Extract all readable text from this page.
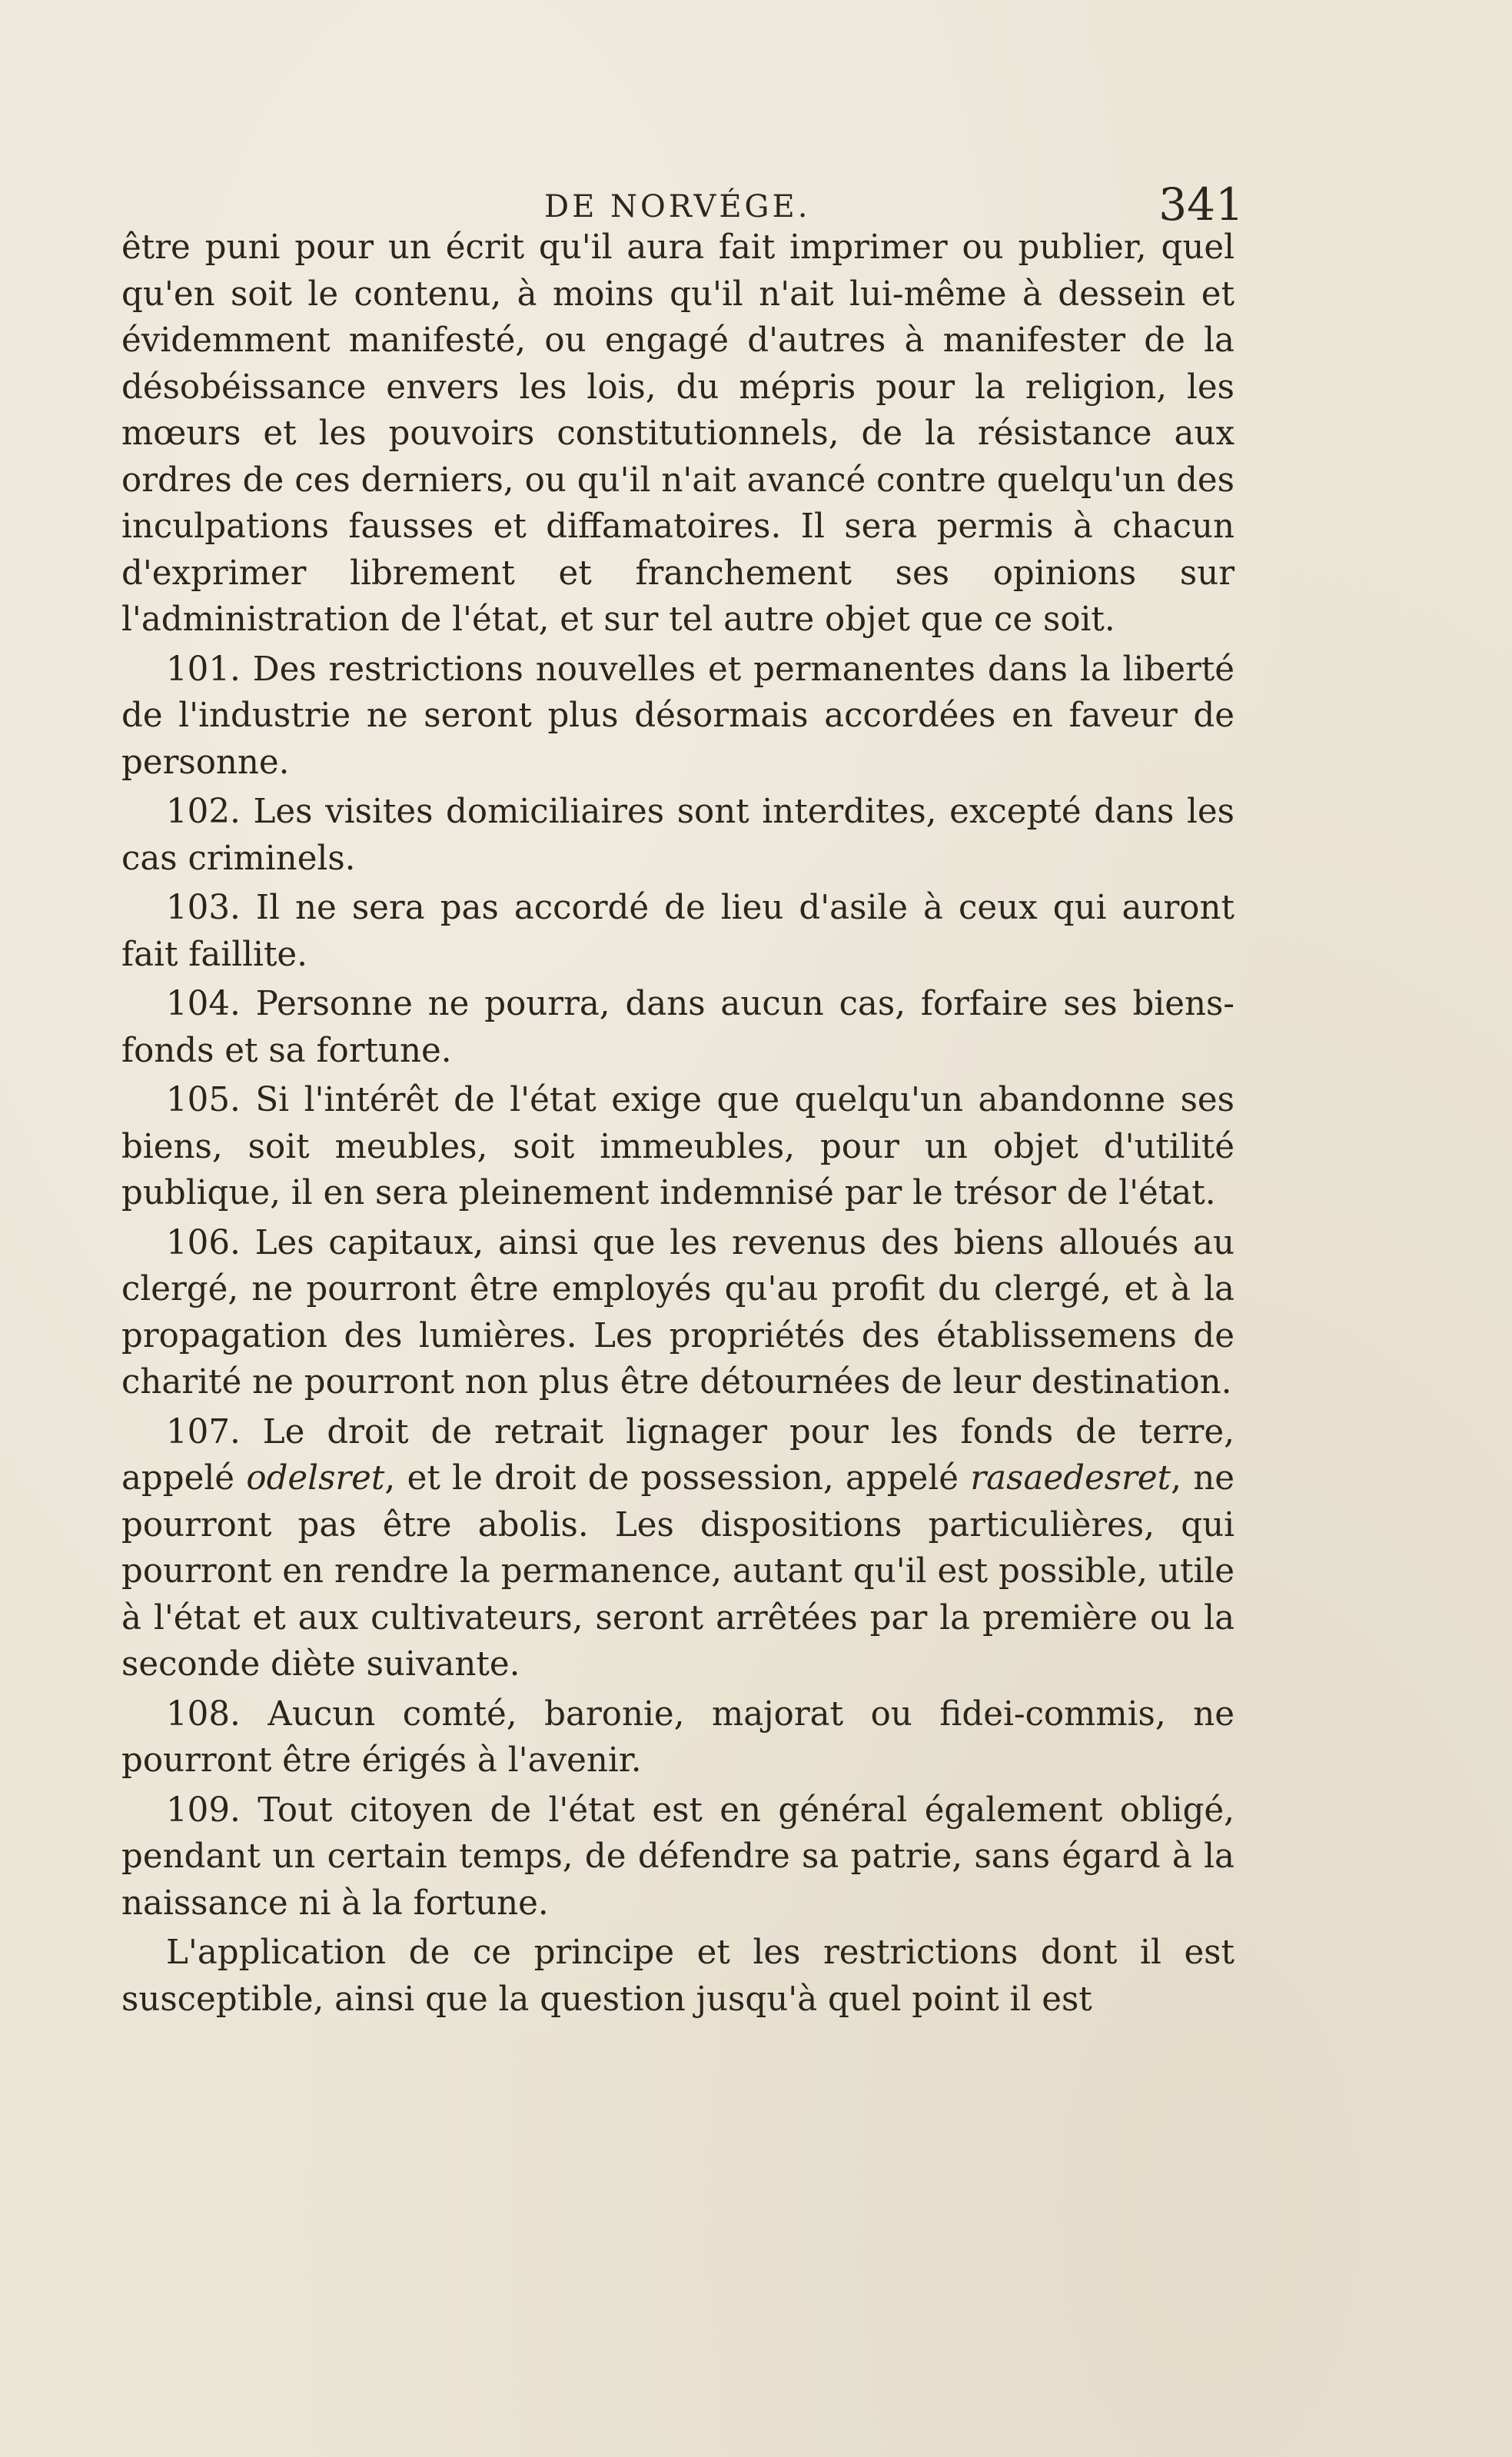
DE NORVÉGE.	341

être puni pour un écrit qu'il aura fait imprimer ou publier, quel qu'en soit le contenu, à moins qu'il n'ait lui-même à dessein et évidemment manifesté, ou engagé d'autres à manifester de la désobéissance envers les lois, du mépris pour la religion, les mœurs et les pouvoirs constitutionnels, de la résistance aux ordres de ces derniers, ou qu'il n'ait avancé contre quelqu'un des inculpations fausses et diffamatoires. Il sera permis à chacun d'exprimer librement et franchement ses opinions sur l'administration de l'état, et sur tel autre objet que ce soit.

101. Des restrictions nouvelles et permanentes dans la liberté de l'industrie ne seront plus désormais accordées en faveur de personne.

102. Les visites domiciliaires sont interdites, excepté dans les cas criminels.

103. Il ne sera pas accordé de lieu d'asile à ceux qui auront fait faillite.

104. Personne ne pourra, dans aucun cas, forfaire ses biens-fonds et sa fortune.

105. Si l'intérêt de l'état exige que quelqu'un abandonne ses biens, soit meubles, soit immeubles, pour un objet d'utilité publique, il en sera pleinement indemnisé par le trésor de l'état.

106. Les capitaux, ainsi que les revenus des biens alloués au clergé, ne pourront être employés qu'au profit du clergé, et à la propagation des lumières. Les propriétés des établissemens de charité ne pourront non plus être détournées de leur destination.

107. Le droit de retrait lignager pour les fonds de terre, appelé odelsret, et le droit de possession, appelé rasaedesret, ne pourront pas être abolis. Les dispositions particulières, qui pourront en rendre la permanence, autant qu'il est possible, utile à l'état et aux cultivateurs, seront arrêtées par la première ou la seconde diète suivante.

108. Aucun comté, baronie, majorat ou fidei-commis, ne pourront être érigés à l'avenir.

109. Tout citoyen de l'état est en général également obligé, pendant un certain temps, de défendre sa patrie, sans égard à la naissance ni à la fortune.

L'application de ce principe et les restrictions dont il est susceptible, ainsi que la question jusqu'à quel point il est
